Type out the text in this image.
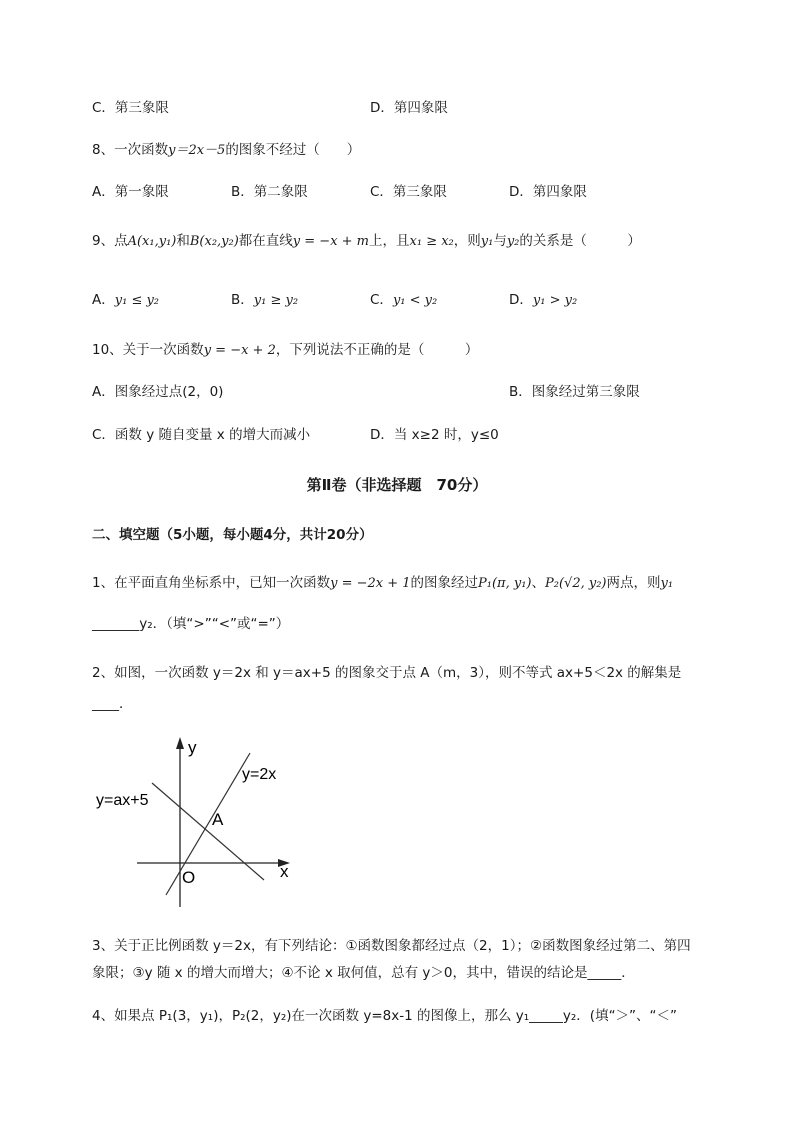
C．第三象限	D．第四象限
8、一次函数y＝2x－5的图象不经过（　　）
A．第一象限	B．第二象限	C．第三象限	D．第四象限
9、点A(x₁,y₁)和B(x₂,y₂)都在直线y = −x + m上，且x₁ ≥ x₂，则y₁与y₂的关系是（　　　）
A．y₁ ≤ y₂	B．y₁ ≥ y₂	C．y₁ < y₂	D．y₁ > y₂
10、关于一次函数y = −x + 2，下列说法不正确的是（　　　）
A．图象经过点(2，0)	B．图象经过第三象限
C．函数 y 随自变量 x 的增大而减小	D．当 x≥2 时，y≤0
第Ⅱ卷（非选择题　70分）
二、填空题（5小题，每小题4分，共计20分）
1、在平面直角坐标系中，已知一次函数y = −2x + 1的图象经过P₁(π, y₁)、P₂(√2, y₂)两点，则y₁
_______y₂．（填“>”“<”或“=”）
2、如图，一次函数 y＝2x 和 y＝ax+5 的图象交于点 A（m，3），则不等式 ax+5＜2x 的解集是
____．
y
x
O
A
y=2x
y=ax+5
3、关于正比例函数 y＝2x，有下列结论：①函数图象都经过点（2，1）；②函数图象经过第二、第四
象限；③y 随 x 的增大而增大；④不论 x 取何值，总有 y＞0，其中，错误的结论是_____．
4、如果点 P₁(3，y₁)，P₂(2，y₂)在一次函数 y=8x-1 的图像上，那么 y₁_____y₂．(填“＞”、“＜”
